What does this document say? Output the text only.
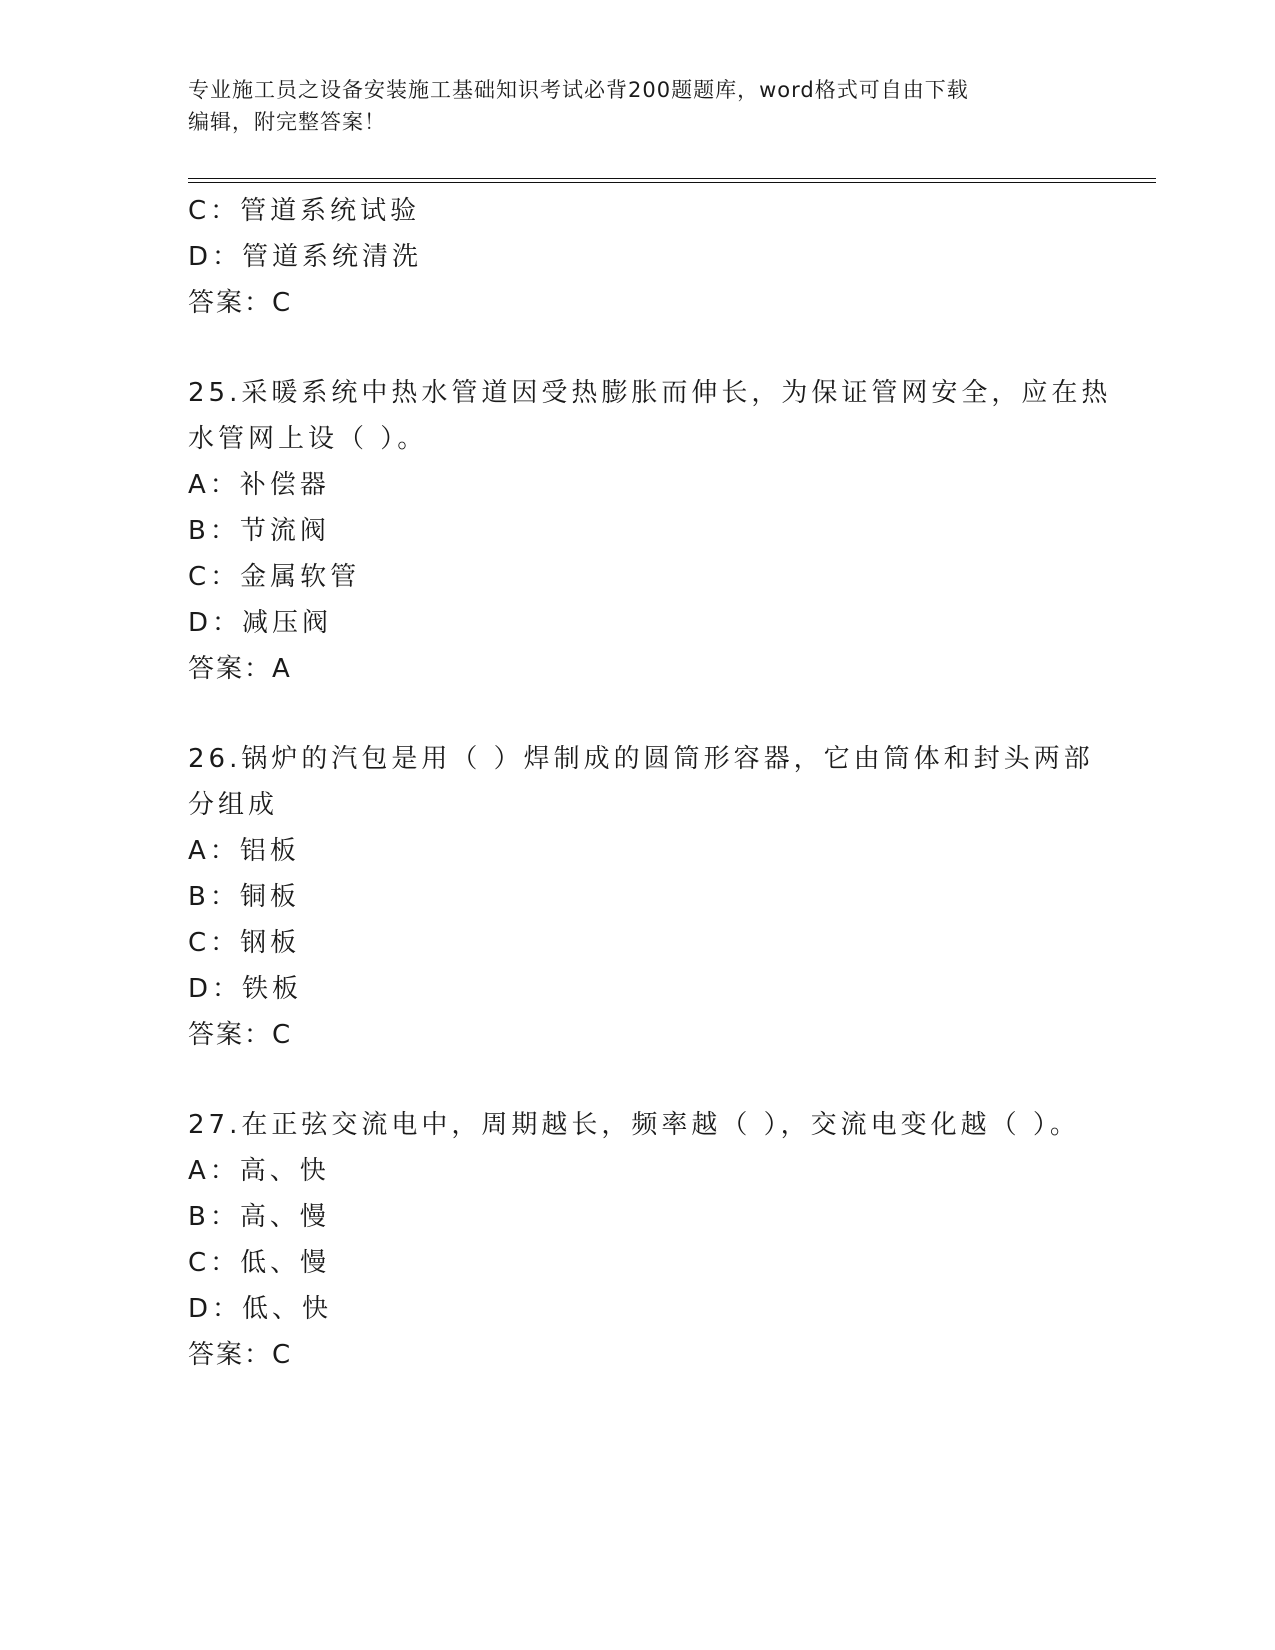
专业施工员之设备安装施工基础知识考试必背200题题库，word格式可自由下载
编辑，附完整答案！
C：管道系统试验
D：管道系统清洗
答案：C
25.采暖系统中热水管道因受热膨胀而伸长，为保证管网安全，应在热
水管网上设（ ）。
A：补偿器
B：节流阀
C：金属软管
D：减压阀
答案：A
26.锅炉的汽包是用（ ）焊制成的圆筒形容器，它由筒体和封头两部
分组成
A：铝板
B：铜板
C：钢板
D：铁板
答案：C
27.在正弦交流电中，周期越长，频率越（ ），交流电变化越（ ）。
A：高、快
B：高、慢
C：低、慢
D：低、快
答案：C
